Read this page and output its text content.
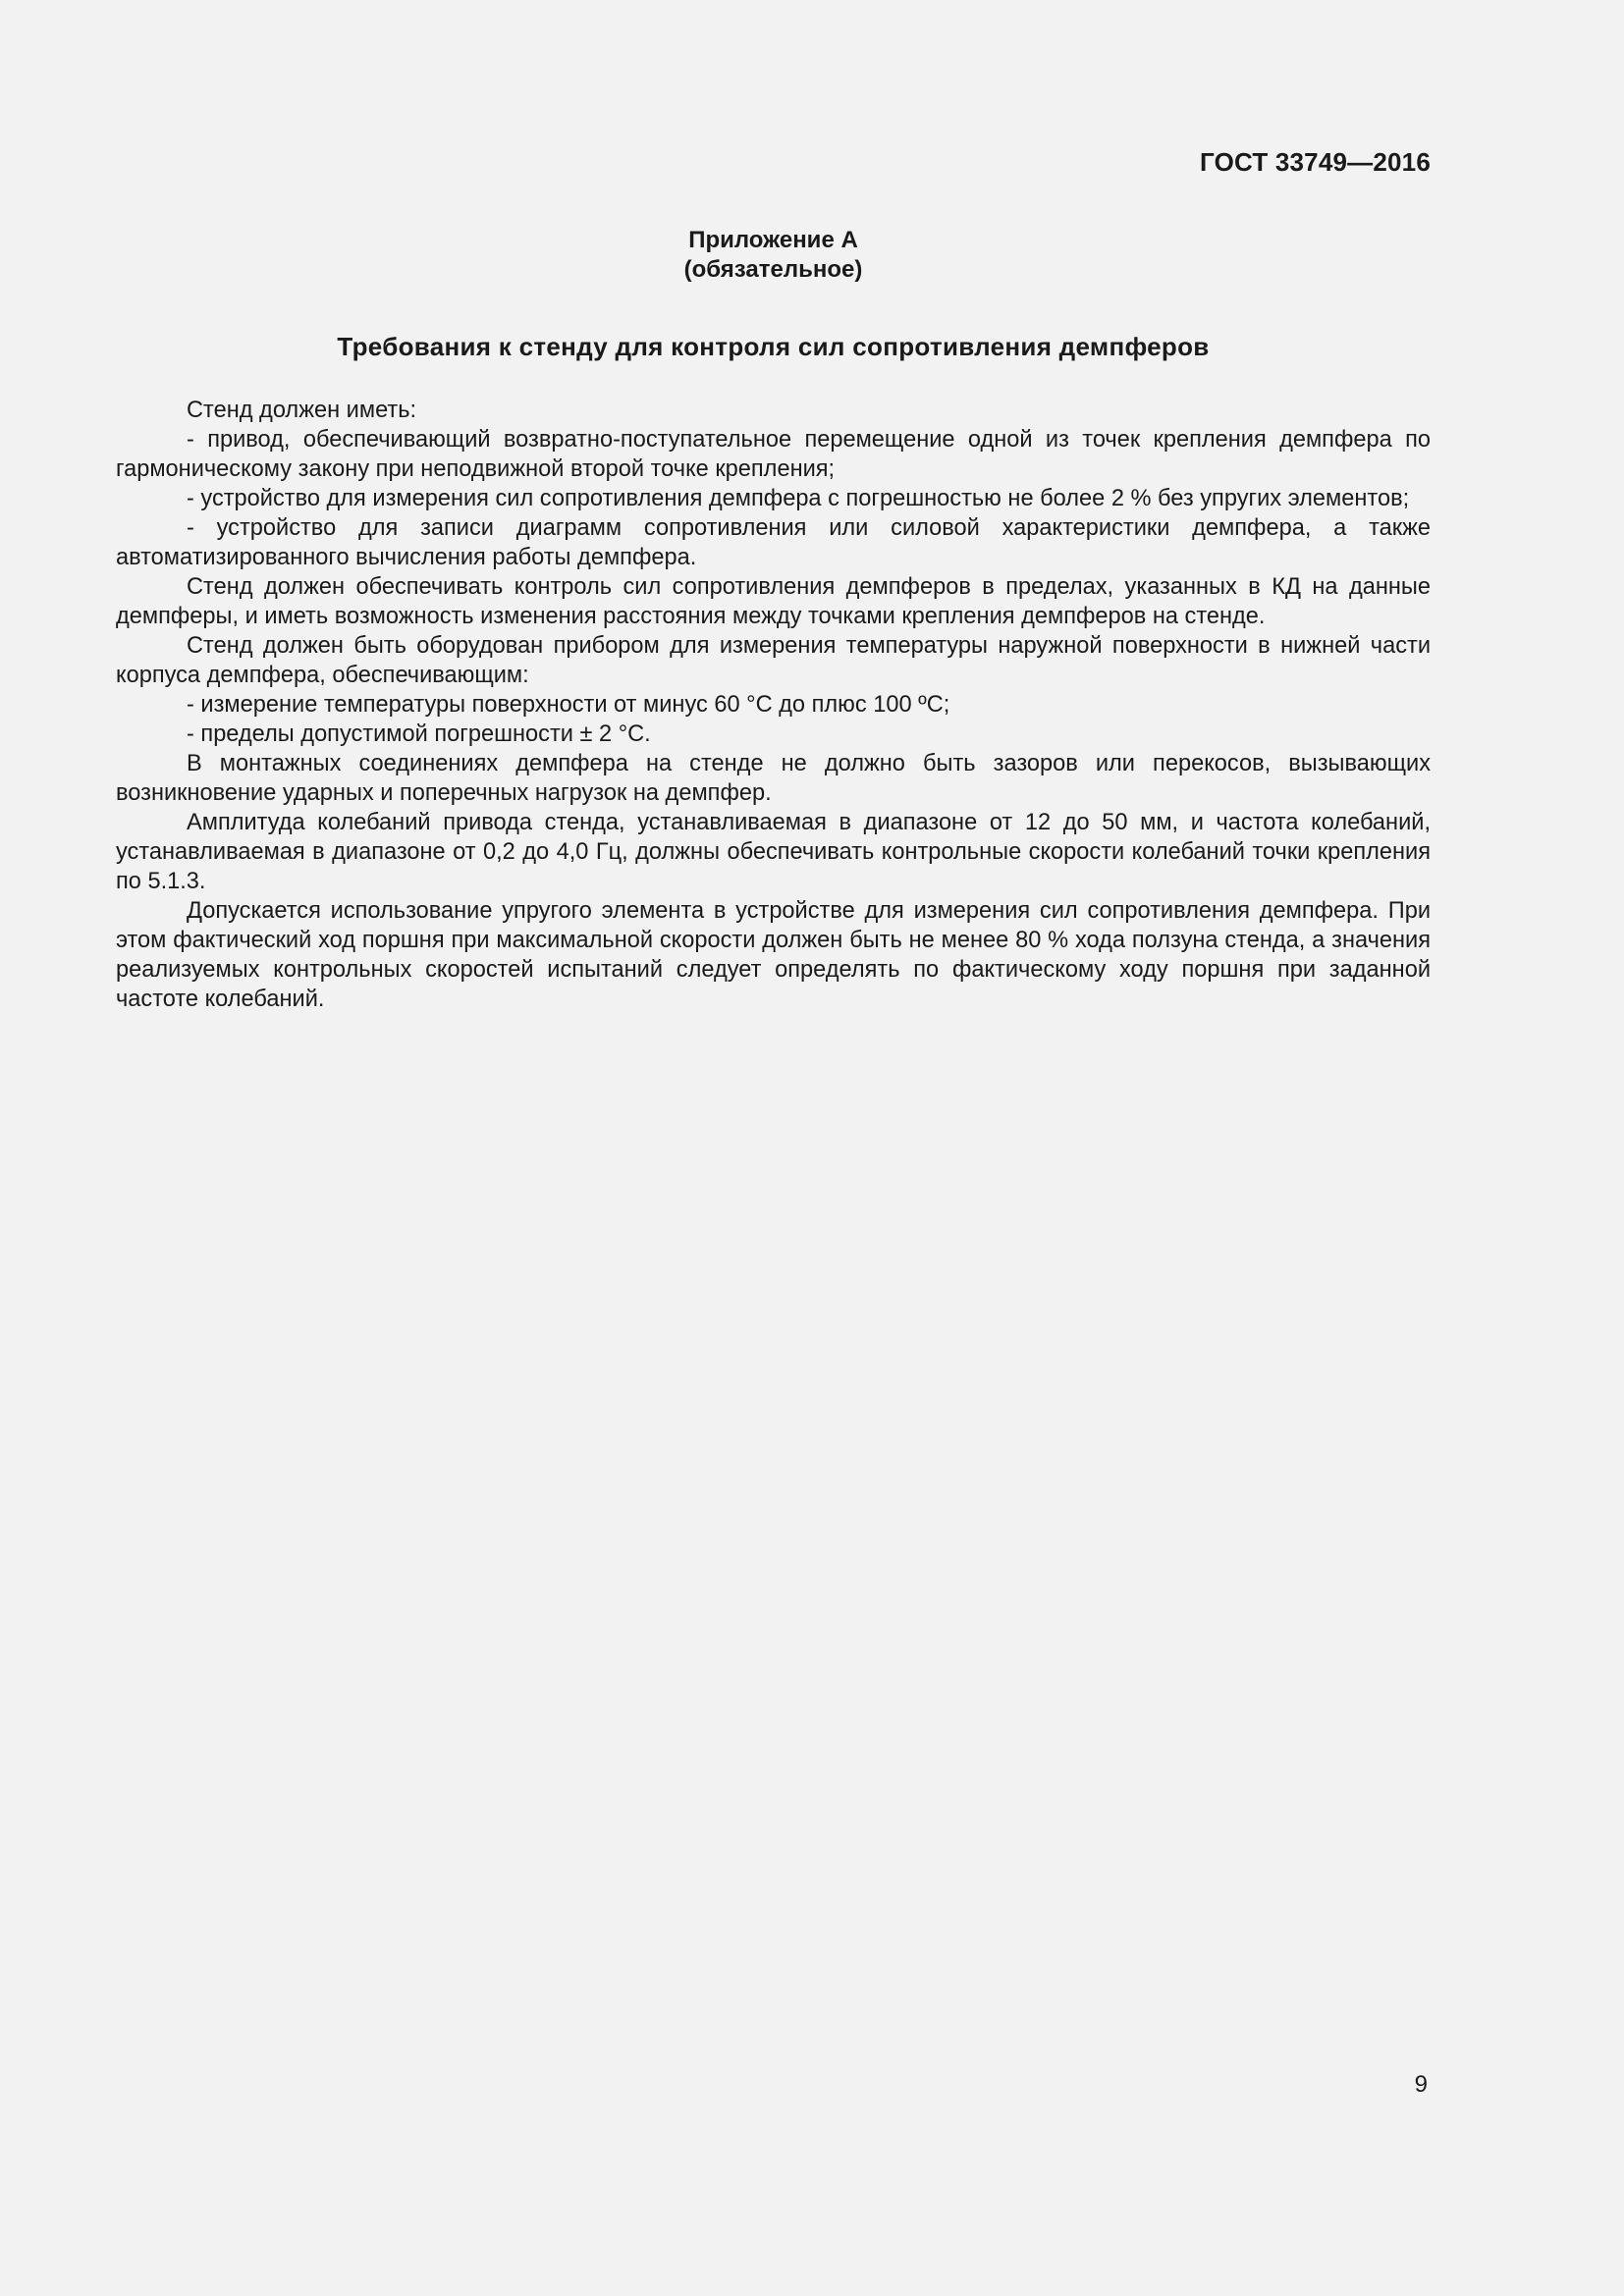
ГОСТ 33749—2016
Приложение А
(обязательное)
Требования к стенду для контроля сил сопротивления демпферов

Стенд должен иметь:

- привод, обеспечивающий возвратно-поступательное перемещение одной из точек крепления демпфера по гармоническому закону при неподвижной второй точке крепления;

- устройство для измерения сил сопротивления демпфера с погрешностью не более 2 % без упругих элементов;

- устройство для записи диаграмм сопротивления или силовой характеристики демпфера, а также автоматизированного вычисления работы демпфера.

Стенд должен обеспечивать контроль сил сопротивления демпферов в пределах, указанных в КД на данные демпферы, и иметь возможность изменения расстояния между точками крепления демпферов на стенде.

Стенд должен быть оборудован прибором для измерения температуры наружной поверхности в нижней части корпуса демпфера, обеспечивающим:

- измерение температуры поверхности от минус 60 °С до плюс 100 ºС;

- пределы допустимой погрешности ± 2 °С.

В монтажных соединениях демпфера на стенде не должно быть зазоров или перекосов, вызывающих возникновение ударных и поперечных нагрузок на демпфер.

Амплитуда колебаний привода стенда, устанавливаемая в диапазоне от 12 до 50 мм, и частота колебаний, устанавливаемая в диапазоне от 0,2 до 4,0 Гц, должны обеспечивать контрольные скорости колебаний точки крепления по 5.1.3.

Допускается использование упругого элемента в устройстве для измерения сил сопротивления демпфера. При этом фактический ход поршня при максимальной скорости должен быть не менее 80 % хода ползуна стенда, а значения реализуемых контрольных скоростей испытаний следует определять по фактическому ходу поршня при заданной частоте колебаний.

9
